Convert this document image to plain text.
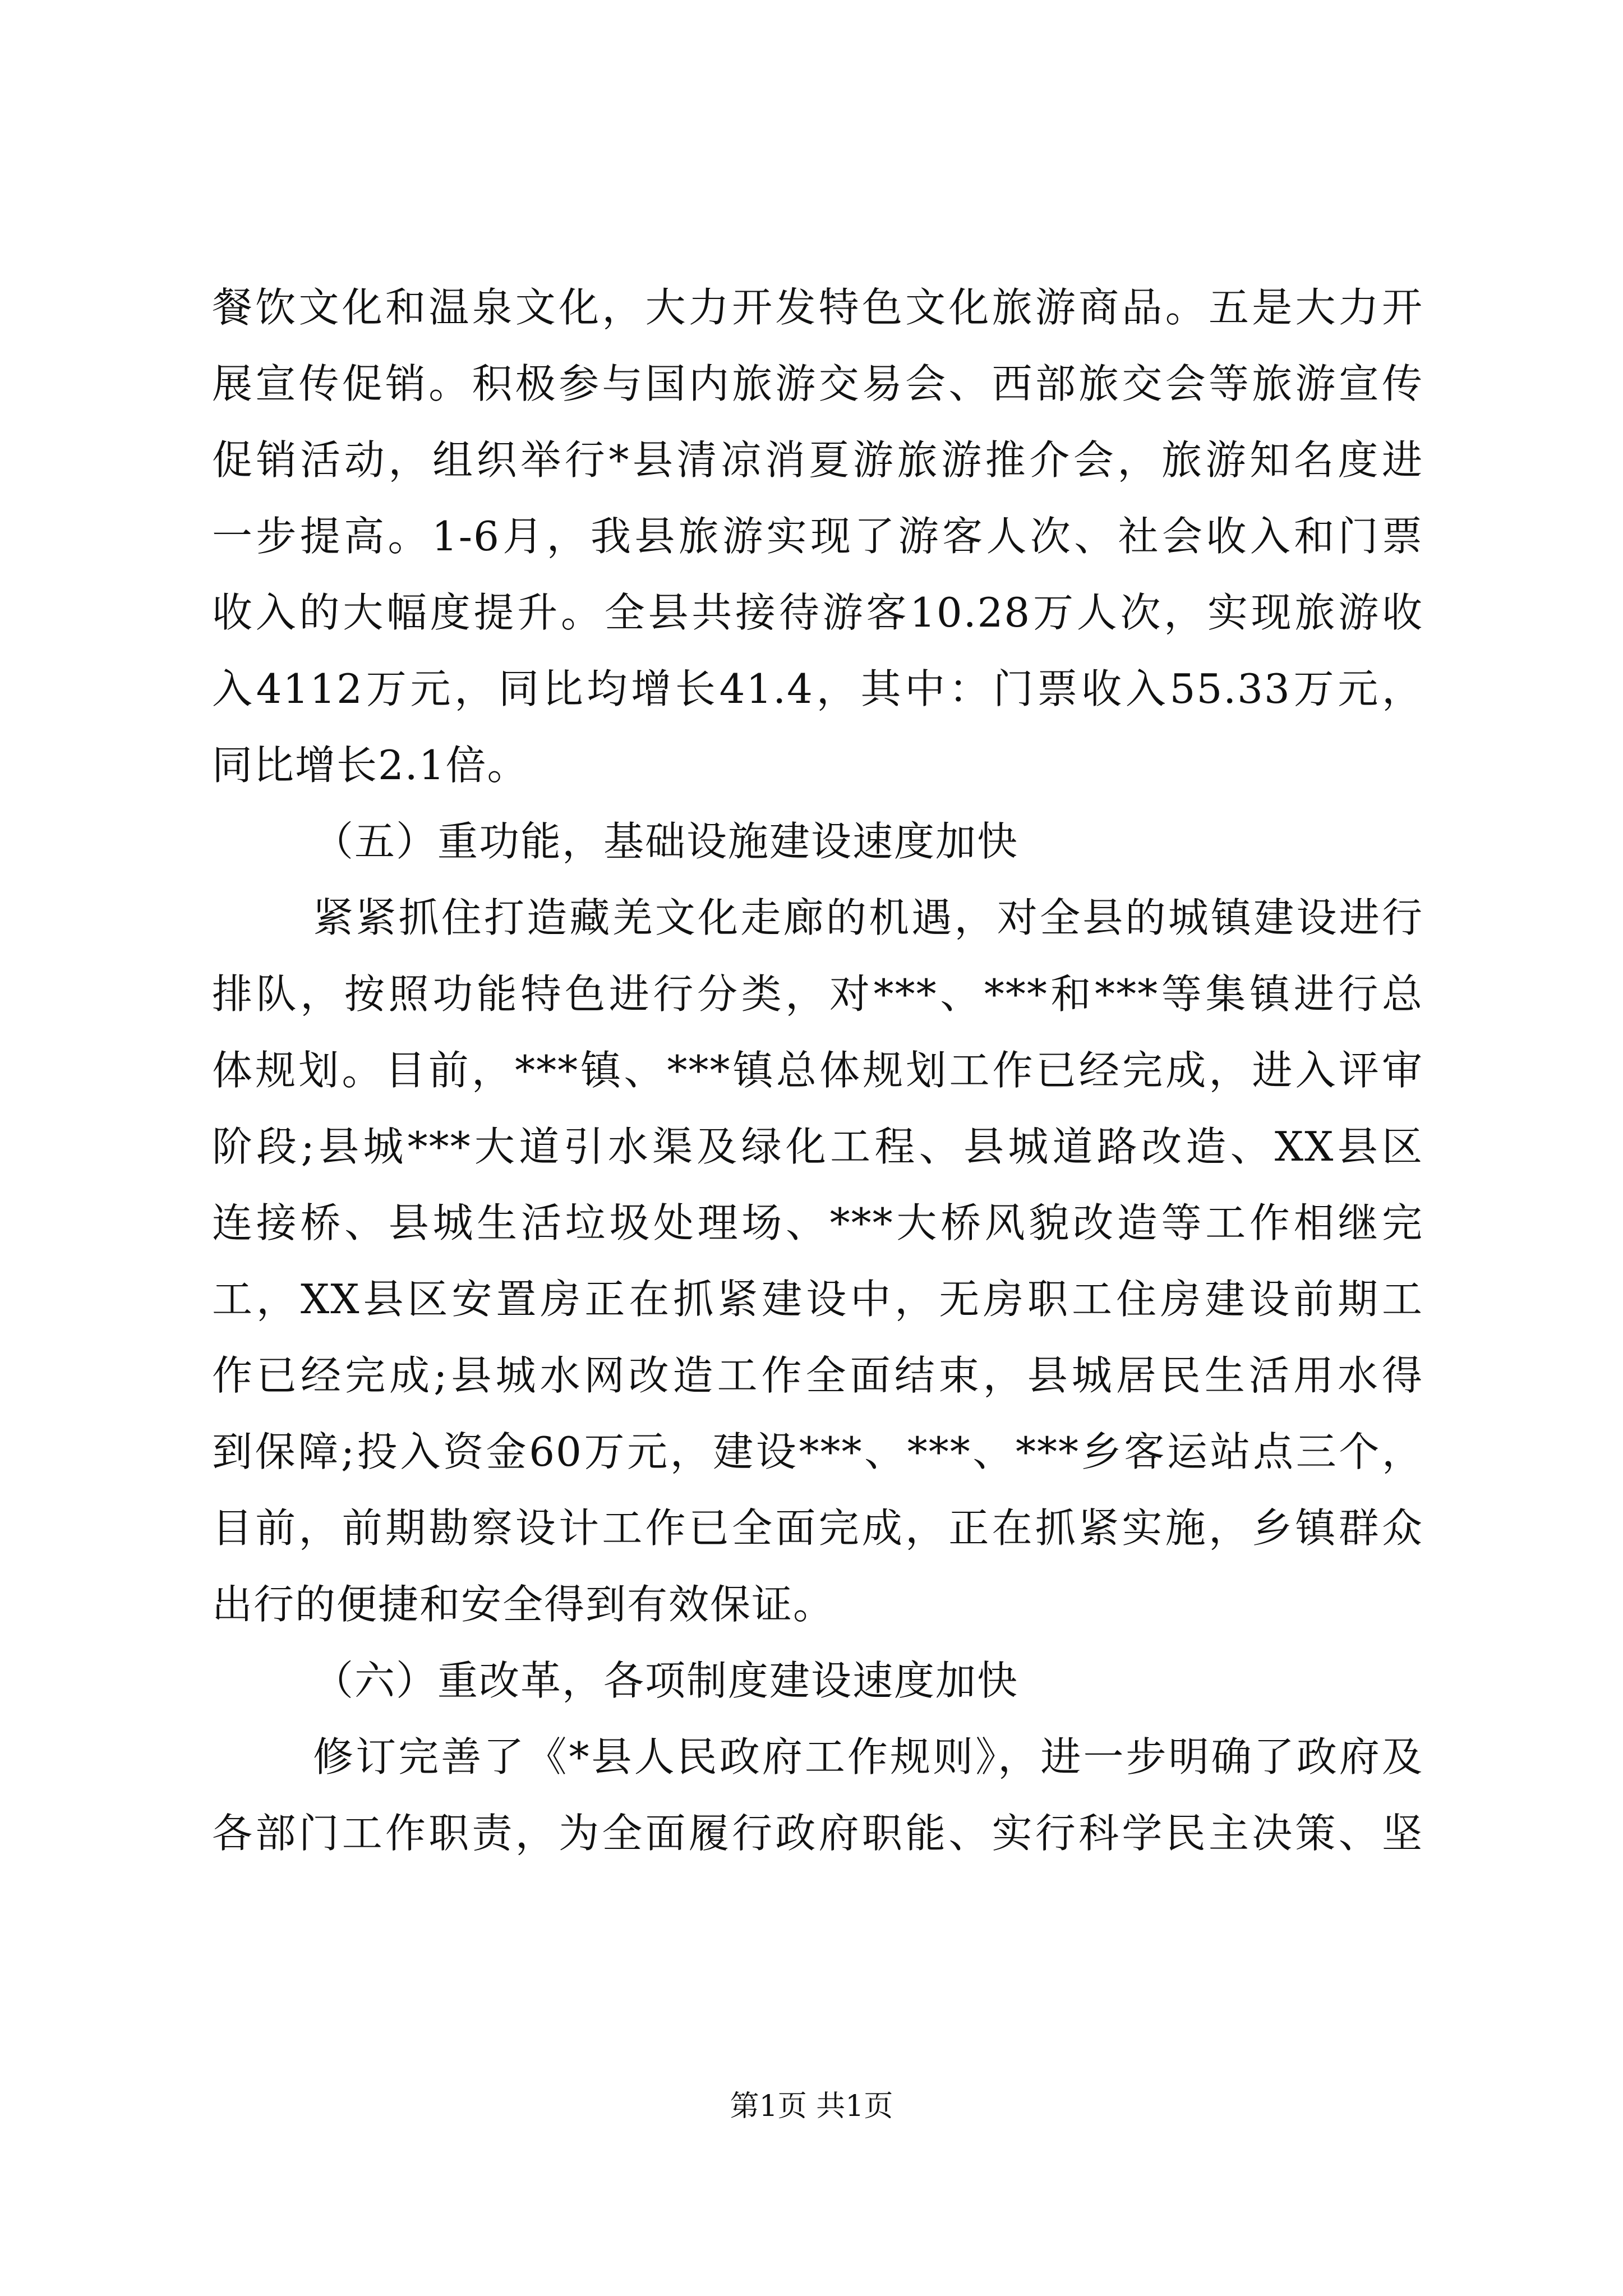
餐饮文化和温泉文化，大力开发特色文化旅游商品。五是大力开
展宣传促销。积极参与国内旅游交易会、西部旅交会等旅游宣传
促销活动，组织举行*县清凉消夏游旅游推介会，旅游知名度进
一步提高。1-6月，我县旅游实现了游客人次、社会收入和门票
收入的大幅度提升。全县共接待游客10.28万人次，实现旅游收
入4112万元，同比均增长41.4，其中：门票收入55.33万元，
同比增长2.1倍。
（五）重功能，基础设施建设速度加快
紧紧抓住打造藏羌文化走廊的机遇，对全县的城镇建设进行
排队，按照功能特色进行分类，对***、***和***等集镇进行总
体规划。目前，***镇、***镇总体规划工作已经完成，进入评审
阶段;县城***大道引水渠及绿化工程、县城道路改造、XX县区
连接桥、县城生活垃圾处理场、***大桥风貌改造等工作相继完
工，XX县区安置房正在抓紧建设中，无房职工住房建设前期工
作已经完成;县城水网改造工作全面结束，县城居民生活用水得
到保障;投入资金60万元，建设***、***、***乡客运站点三个，
目前，前期勘察设计工作已全面完成，正在抓紧实施，乡镇群众
出行的便捷和安全得到有效保证。
（六）重改革，各项制度建设速度加快
修订完善了《*县人民政府工作规则》，进一步明确了政府及
各部门工作职责，为全面履行政府职能、实行科学民主决策、坚
第1页 共1页
